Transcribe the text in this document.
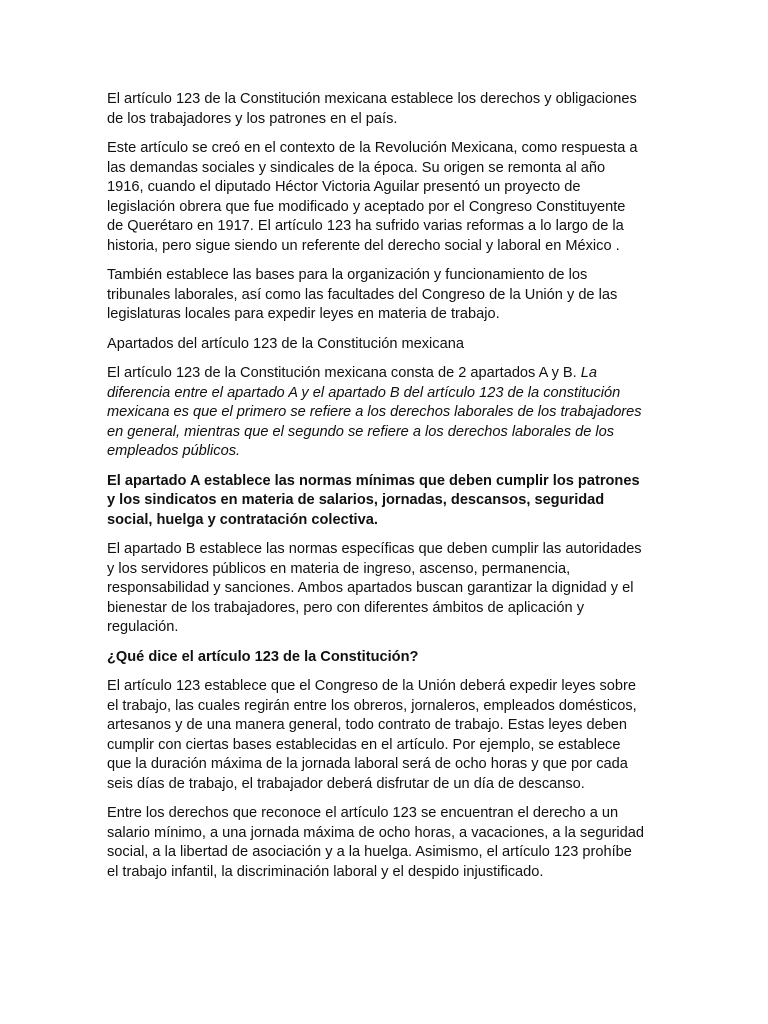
El artículo 123 de la Constitución mexicana establece los derechos y obligaciones
de los trabajadores y los patrones en el país.

Este artículo se creó en el contexto de la Revolución Mexicana, como respuesta a
las demandas sociales y sindicales de la época. Su origen se remonta al año
1916, cuando el diputado Héctor Victoria Aguilar presentó un proyecto de
legislación obrera que fue modificado y aceptado por el Congreso Constituyente
de Querétaro en 1917. El artículo 123 ha sufrido varias reformas a lo largo de la
historia, pero sigue siendo un referente del derecho social y laboral en México .

También establece las bases para la organización y funcionamiento de los
tribunales laborales, así como las facultades del Congreso de la Unión y de las
legislaturas locales para expedir leyes en materia de trabajo.

Apartados del artículo 123 de la Constitución mexicana

El artículo 123 de la Constitución mexicana consta de 2 apartados A y B. La
diferencia entre el apartado A y el apartado B del artículo 123 de la constitución
mexicana es que el primero se refiere a los derechos laborales de los trabajadores
en general, mientras que el segundo se refiere a los derechos laborales de los
empleados públicos.

El apartado A establece las normas mínimas que deben cumplir los patrones
y los sindicatos en materia de salarios, jornadas, descansos, seguridad
social, huelga y contratación colectiva.

El apartado B establece las normas específicas que deben cumplir las autoridades
y los servidores públicos en materia de ingreso, ascenso, permanencia,
responsabilidad y sanciones. Ambos apartados buscan garantizar la dignidad y el
bienestar de los trabajadores, pero con diferentes ámbitos de aplicación y
regulación.

¿Qué dice el artículo 123 de la Constitución?

El artículo 123 establece que el Congreso de la Unión deberá expedir leyes sobre
el trabajo, las cuales regirán entre los obreros, jornaleros, empleados domésticos,
artesanos y de una manera general, todo contrato de trabajo. Estas leyes deben
cumplir con ciertas bases establecidas en el artículo. Por ejemplo, se establece
que la duración máxima de la jornada laboral será de ocho horas y que por cada
seis días de trabajo, el trabajador deberá disfrutar de un día de descanso.

Entre los derechos que reconoce el artículo 123 se encuentran el derecho a un
salario mínimo, a una jornada máxima de ocho horas, a vacaciones, a la seguridad
social, a la libertad de asociación y a la huelga. Asimismo, el artículo 123 prohíbe
el trabajo infantil, la discriminación laboral y el despido injustificado.
